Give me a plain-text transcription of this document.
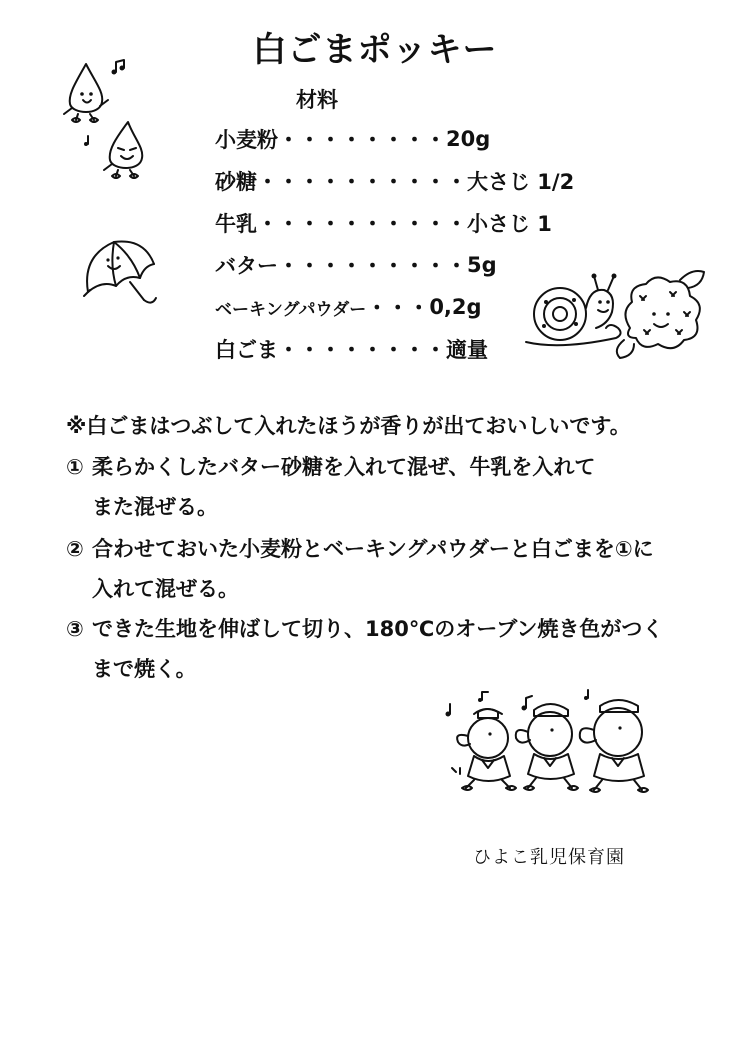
白ごまポッキー
材料
小麦粉 ・・・・・・・・ 20g
砂糖 ・・・・・・・・・・ 大さじ 1/2
牛乳 ・・・・・・・・・・ 小さじ 1
バター ・・・・・・・・・ 5g
ベーキングパウダー ・・・ 0,2g
白ごま ・・・・・・・・ 適量
※白ごまはつぶして入れたほうが香りが出ておいしいです。
① 柔らかくしたバター砂糖を入れて混ぜ、牛乳を入れて
また混ぜる。
② 合わせておいた小麦粉とベーキングパウダーと白ごまを①に
入れて混ぜる。
③ できた生地を伸ばして切り、180℃のオーブン焼き色がつく
まで焼く。
ひよこ乳児保育園
